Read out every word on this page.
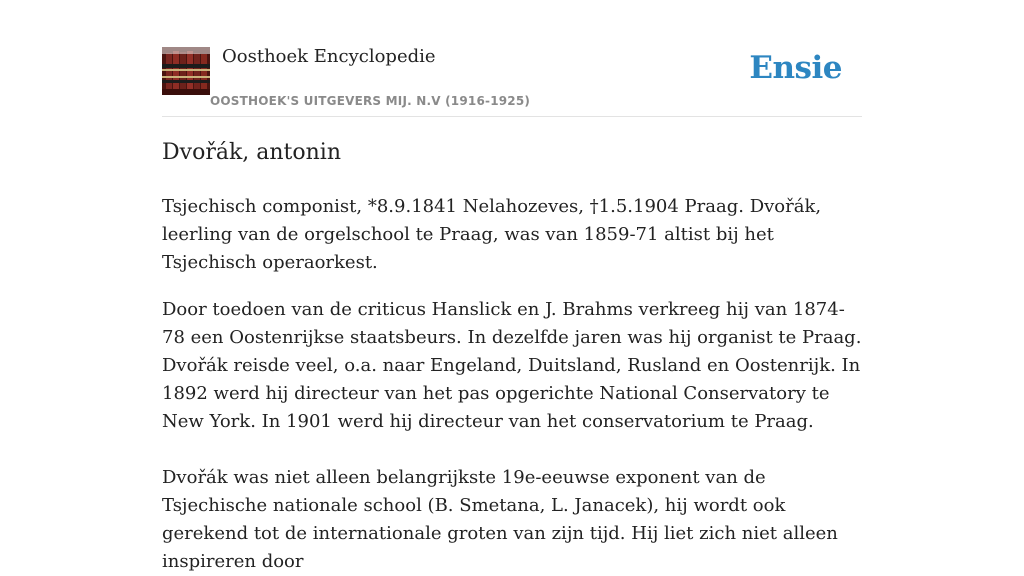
Oosthoek Encyclopedie
OOSTHOEK'S UITGEVERS MIJ. N.V (1916-1925)
Ensie
Dvořák, antonin

Tsjechisch componist, *8.9.1841 Nelahozeves, †1.5.1904 Praag. Dvořák, leerling van de orgelschool te Praag, was van 1859-71 altist bij het Tsjechisch operaorkest.

Door toedoen van de criticus Hanslick en J. Brahms verkreeg hij van 1874-78 een Oostenrijkse staatsbeurs. In dezelfde jaren was hij organist te Praag. Dvořák reisde veel, o.a. naar Engeland, Duitsland, Rusland en Oostenrijk. In 1892 werd hij directeur van het pas opgerichte National Conservatory te New York. In 1901 werd hij directeur van het conservatorium te Praag.

Dvořák was niet alleen belangrijkste 19e-eeuwse exponent van de Tsjechische nationale school (B. Smetana, L. Janacek), hij wordt ook gerekend tot de internationale groten van zijn tijd. Hij liet zich niet alleen inspireren door
